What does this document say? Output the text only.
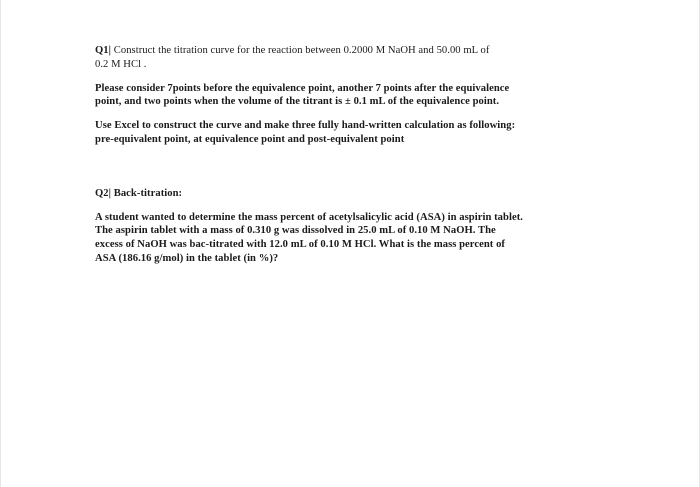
Q1| Construct the titration curve for the reaction between 0.2000 M NaOH and 50.00 mL of

0.2 M HCl .

Please consider 7points before the equivalence point, another 7 points after the equivalence

point, and two points when the volume of the titrant is ± 0.1 mL of the equivalence point.

Use Excel to construct the curve and make three fully hand-written calculation as following:

pre-equivalent point, at equivalence point and post-equivalent point

Q2| Back-titration:

A student wanted to determine the mass percent of acetylsalicylic acid (ASA) in aspirin tablet.

The aspirin tablet with a mass of 0.310 g was dissolved in 25.0 mL of 0.10 M NaOH. The

excess of NaOH was bac-titrated with 12.0 mL of 0.10 M HCl. What is the mass percent of

ASA (186.16 g/mol) in the tablet (in %)?
